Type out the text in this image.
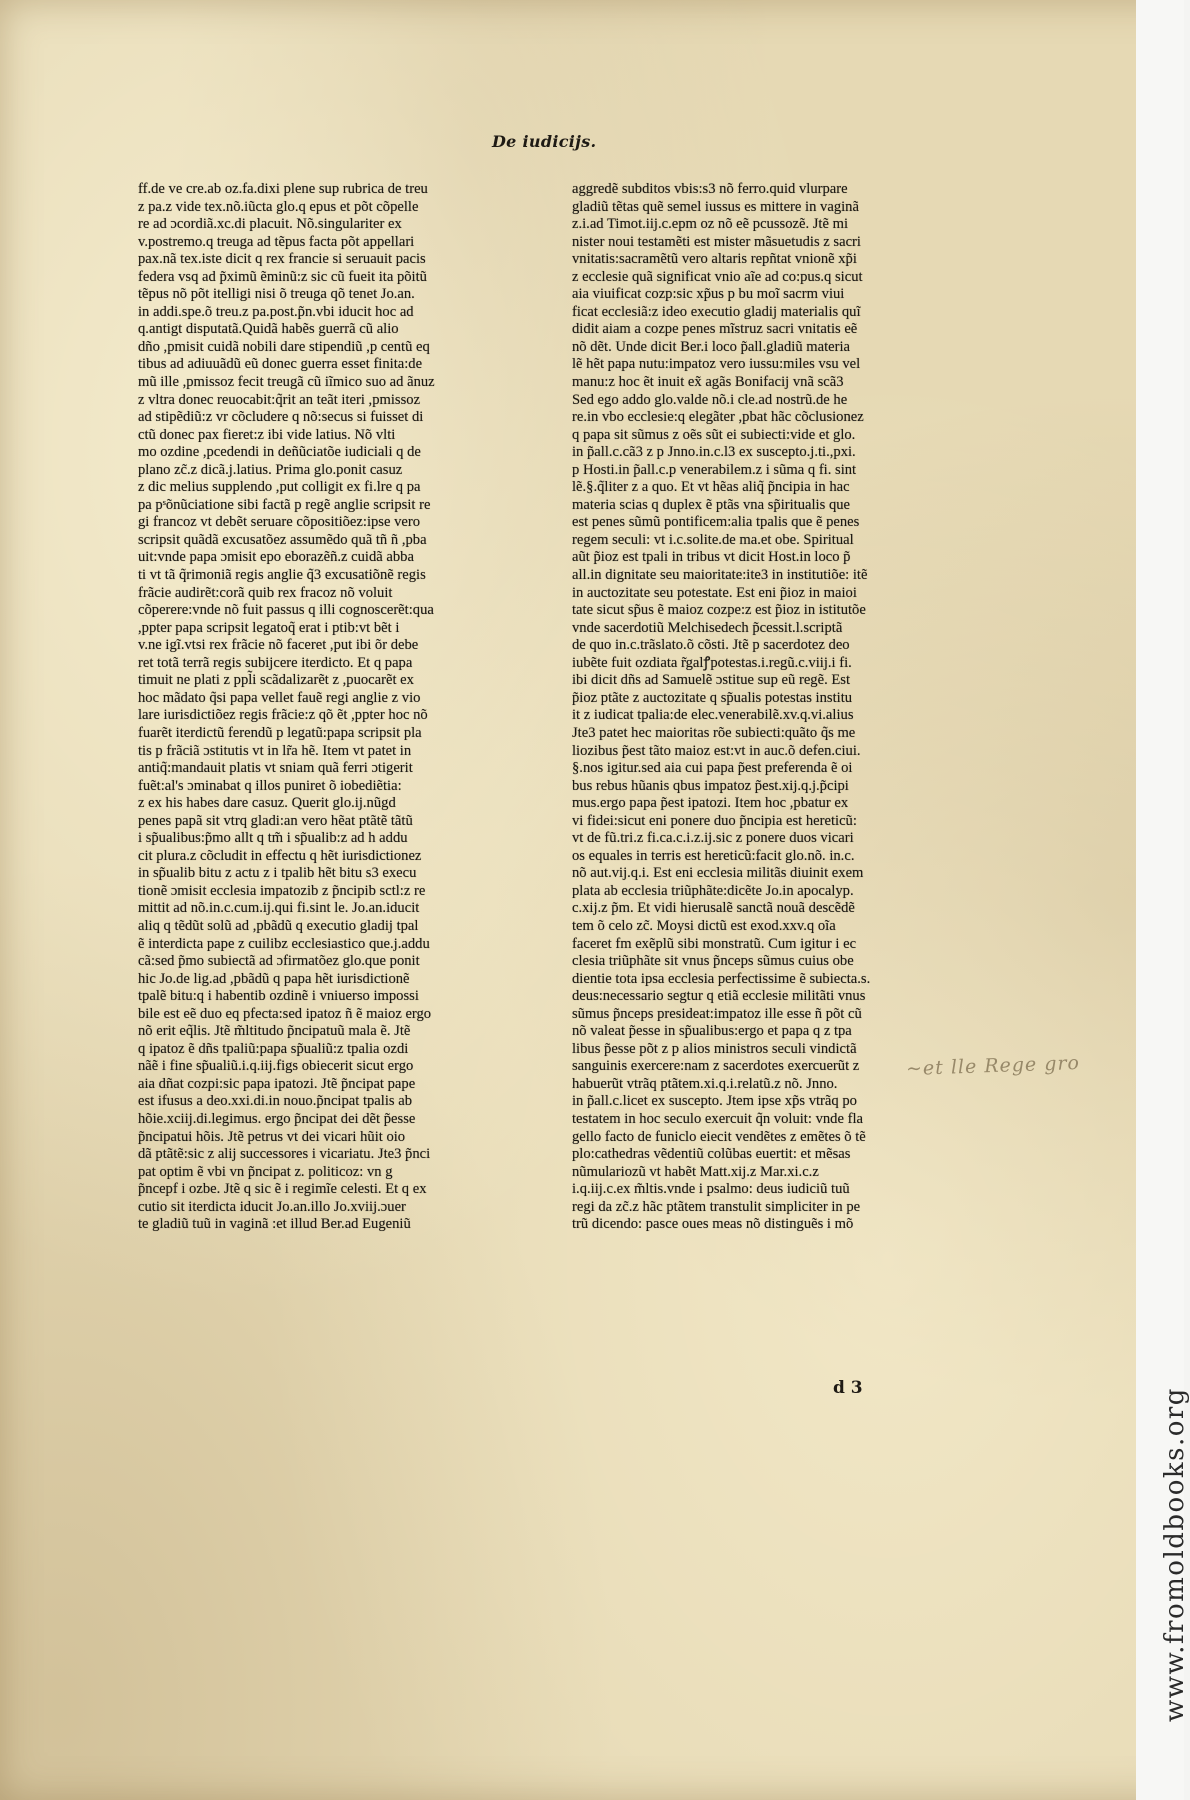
De iudicijs.
ff.de ve cre.ab oz.fa.dixi plene sup rubrica de treu
z pa.z vide tex.nõ.iũcta glo.q epus et põt cõpelle
re ad ɔcordiã.xc.di placuit. Nõ.singulariter ex
v.postremo.q treuga ad tẽpus facta põt appellari
pax.nã tex.iste dicit q rex francie si seruauit pacis
federa vsq ad p̃ximũ ẽminũ:z sic cũ fueit ita põitũ
tẽpus nõ põt itelligi nisi õ treuga qõ tenet Jo.an.
in addi.spe.õ treu.z pa.post.p̃n.vbi iducit hoc ad
q.antigt disputatã.Quidã habẽs guerrã cũ alio
dño ,pmisit cuidã nobili dare stipendiũ ,p centũ eq
tibus ad adiuuãdũ eũ donec guerra esset finita:de
mũ ille ,pmissoz fecit treugã cũ iĩmico suo ad ãnuz
z vltra donec reuocabit:q̃rit an teãt iteri ,pmissoz
ad stipẽdiũ:z vr cõcludere q nõ:secus si fuisset di
ctũ donec pax fieret:z ibi vide latius. Nõ vlti
mo ozdine ,pcedendi in deñũciatõe iudiciali q de
plano zc̃.z dicã.j.latius. Prima glo.ponit casuz
z dic melius supplendo ,put colligit ex fi.lre q pa
pa pˢõnũciatione sibi factã p regẽ anglie scripsit re
gi francoz vt debẽt seruare cõpositiõez:ipse vero
scripsit quãdã excusatõez assumẽdo quã tñ ñ ,pba
uit:vnde papa ɔmisit epo eborazẽñ.z cuidã abba
ti vt tã q̃rimoniã regis anglie q̃3 excusatiõnẽ regis
frãcie audirẽt:corã quib rex fracoz nõ voluit
cõperere:vnde nõ fuit passus q illi cognoscerẽt:qua
,ppter papa scripsit legatoq̃ erat i ptib:vt bẽt i
v.ne igĩ.vtsi rex frãcie nõ faceret ,put ibi õr debe
ret totã terrã regis subijcere iterdicto. Et q papa
timuit ne plati z ppl̃i scãdalizarẽt z ,puocarẽt ex
hoc mãdato q̃si papa vellet fauẽ regi anglie z vio
lare iurisdictiõez regis frãcie:z qõ ẽt ,ppter hoc nõ
fuarẽt iterdictũ ferendũ p legatũ:papa scripsit pla
tis p frãciã ɔstitutis vt in lr̃a hẽ. Item vt patet in
antiq̃:mandauit platis vt sniam quã ferri ɔtigerit
fuẽt:al's ɔminabat q illos puniret õ iobediẽtia:
z ex his habes dare casuz. Querit glo.ij.nũgd
penes papã sit vtrq gladi:an vero hẽat ptãtẽ tãtũ
i sp̃ualibus:p̃mo allt q tm̃ i sp̃ualib:z ad h addu
cit plura.z cõcludit in effectu q hẽt iurisdictionez
in sp̃ualib bitu z actu z i tpalib hẽt bitu s3 execu
tionẽ ɔmisit ecclesia impatozib z p̃ncipib sctl:z re
mittit ad nõ.in.c.cum.ij.qui fi.sint le. Jo.an.iducit
aliq q tẽdũt solũ ad ,pbãdũ q executio gladij tpal
ẽ interdicta pape z cuilibz ecclesiastico que.j.addu
cã:sed p̃mo subiectã ad ɔfirmatõez glo.que ponit
hic Jo.de lig.ad ,pbãdũ q papa hẽt iurisdictionẽ
tpalẽ bitu:q i habentib ozdinẽ i vniuerso impossi
bile est eẽ duo eq pfecta:sed ipatoz ñ ẽ maioz ergo
nõ erit eq̃lis. Jtẽ m̃ltitudo p̃ncipatuũ mala ẽ. Jtẽ
q ipatoz ẽ dñs tpaliũ:papa sp̃ualiũ:z tpalia ozdi
nãẽ i fine sp̃ualiũ.i.q.iij.figs obiecerit sicut ergo
aia dñat cozpi:sic papa ipatozi. Jtẽ p̃ncipat pape
est ifusus a deo.xxi.di.in nouo.p̃ncipat tpalis ab
hõie.xciij.di.legimus. ergo p̃ncipat dei dẽt p̃esse
p̃ncipatui hõis. Jtẽ petrus vt dei vicari hũit oio
dã ptãtẽ:sic z alij successores i vicariatu. Jte3 p̃nci
pat optim ẽ vbi vn p̃ncipat z. politicoz: vn g
p̃ncepf i ozbe. Jtẽ q sic ẽ i regimĩe celesti. Et q ex
cutio sit iterdicta iducit Jo.an.illo Jo.xviij.ɔuer
te gladiũ tuũ in vaginã :et illud Ber.ad Eugeniũ
aggredẽ subditos vbis:s3 nõ ferro.quid vlurpare
gladiũ tẽtas quẽ semel iussus es mittere in vaginã
z.i.ad Timot.iij.c.epm oz nõ eẽ pcussozẽ. Jtẽ mi
nister noui testamẽti est mister mãsuetudis z sacri
vnitatis:sacramẽtũ vero altaris repñtat vnionẽ xp̃i
z ecclesie quã significat vnio aĩe ad co:pus.q sicut
aia viuificat cozp:sic xp̃us p bu moĩ sacrm viui
ficat ecclesiã:z ideo executio gladij materialis quĩ
didit aiam a cozpe penes mĩstruz sacri vnitatis eẽ
nõ dẽt. Unde dicit Ber.i loco p̃all.gladiũ materia
lẽ hẽt papa nutu:impatoz vero iussu:miles vsu vel
manu:z hoc ẽt inuit ex̃ agãs Bonifacij vnã scã3
Sed ego addo glo.valde nõ.i cle.ad nostrũ.de he
re.in vbo ecclesie:q elegãter ,pbat hãc cõclusionez
q papa sit sũmus z oẽs sũt ei subiecti:vide et glo.
in p̃all.c.cã3 z p Jnno.in.c.l3 ex suscepto.j.ti.,pxi.
p Hosti.in p̃all.c.p venerabilem.z i sũma q fi. sint
lẽ.§.q̃liter z a quo. Et vt hẽas aliq̃ p̃ncipia in hac
materia scias q duplex ẽ ptãs vna sp̃iritualis que
est penes sũmũ pontificem:alia tpalis que ẽ penes
regem seculi: vt i.c.solite.de ma.et obe. Spiritual
aũt p̃ioz est tpali in tribus vt dicit Host.in loco p̃
all.in dignitate seu maioritate:ite3 in institutiõe: itẽ
in auctozitate seu potestate. Est eni p̃ioz in maioi
tate sicut sp̃us ẽ maioz cozpe:z est p̃ioz in istitutõe
vnde sacerdotiũ Melchisedech p̃cessit.l.scriptã
de quo in.c.trãslato.õ cõsti. Jtẽ p sacerdotez deo
iubẽte fuit ozdiata r̃galꝭpotestas.i.regũ.c.viij.i fi.
ibi dicit dñs ad Samuelẽ ɔstitue sup eũ regẽ. Est
p̃ioz ptãte z auctozitate q sp̃ualis potestas institu
it z iudicat tpalia:de elec.venerabilẽ.xv.q.vi.alius
Jte3 patet hec maioritas rõe subiecti:quãto q̃s me
liozibus p̃est tãto maioz est:vt in auc.õ defen.ciui.
§.nos igitur.sed aia cui papa p̃est preferenda ẽ oi
bus rebus hũanis qbus impatoz p̃est.xij.q.j.p̃cipi
mus.ergo papa p̃est ipatozi. Item hoc ,pbatur ex
vi fidei:sicut eni ponere duo p̃ncipia est hereticũ:
vt de fũ.tri.z fi.ca.c.i.z.ij.sic z ponere duos vicari
os equales in terris est hereticũ:facit glo.nõ. in.c.
nõ aut.vij.q.i. Est eni ecclesia militãs diuinit exem
plata ab ecclesia triũphãte:dicẽte Jo.in apocalyp.
c.xij.z p̃m. Et vidi hierusalẽ sanctã nouã descẽdẽ
tem õ celo zc̃. Moysi dictũ est exod.xxv.q oĩa
faceret fm exẽplũ sibi monstratũ. Cum igitur i ec
clesia triũphãte sit vnus p̃nceps sũmus cuius obe
dientie tota ipsa ecclesia perfectissime ẽ subiecta.s.
deus:necessario segtur q etiã ecclesie militãti vnus
sũmus p̃nceps presideat:impatoz ille esse ñ põt cũ
nõ valeat p̃esse in sp̃ualibus:ergo et papa q z tpa
libus p̃esse põt z p alios ministros seculi vindictã
sanguinis exercere:nam z sacerdotes exercuerũt z
habuerũt vtrãq ptãtem.xi.q.i.relatũ.z nõ. Jnno.
in p̃all.c.licet ex suscepto. Jtem ipse xp̃s vtrãq po
testatem in hoc seculo exercuit q̃n voluit: vnde fla
gello facto de funiclo eiecit vendẽtes z emẽtes õ tẽ
plo:cathedras vẽdentiũ colũbas euertit: et mẽsas
nũmulariozũ vt habẽt Matt.xij.z Mar.xi.c.z
i.q.iij.c.ex m̃ltis.vnde i psalmo: deus iudiciũ tuũ
regi da zc̃.z hãc ptãtem transtulit simpliciter in pe
trũ dicendo: pasce oues meas nõ distinguẽs i mõ
~et lle Rege gro
d 3	www.fromoldbooks.org
